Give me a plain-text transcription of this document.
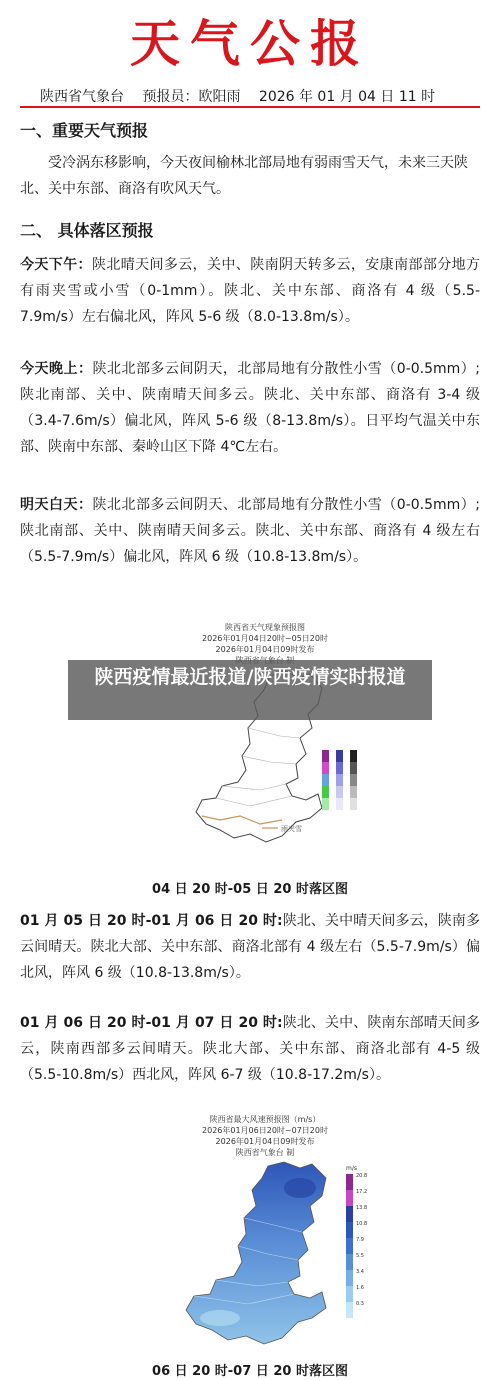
天气公报
陕西省气象台 预报员：欧阳雨 2026 年 01 月 04 日 11 时
一、重要天气预报
受冷涡东移影响，今天夜间榆林北部局地有弱雨雪天气，未来三天陕北、关中东部、商洛有吹风天气。
二、 具体落区预报
今天下午：陕北晴天间多云，关中、陕南阴天转多云，安康南部部分地方有雨夹雪或小雪（0-1mm）。陕北、关中东部、商洛有 4 级（5.5-7.9m/s）左右偏北风，阵风 5-6 级（8.0-13.8m/s）。
今天晚上：陕北北部多云间阴天，北部局地有分散性小雪（0-0.5mm）;陕北南部、关中、陕南晴天间多云。陕北、关中东部、商洛有 3-4 级（3.4-7.6m/s）偏北风，阵风 5-6 级（8-13.8m/s）。日平均气温关中东部、陕南中东部、秦岭山区下降 4℃左右。
明天白天：陕北北部多云间阴天、北部局地有分散性小雪（0-0.5mm）;陕北南部、关中、陕南晴天间多云。陕北、关中东部、商洛有 4 级左右（5.5-7.9m/s）偏北风，阵风 6 级（10.8-13.8m/s）。
陕西省天气现象预报图
2026年01月04日20时~05日20时
2026年01月04日09时发布
雨夹雪
04 日 20 时-05 日 20 时落区图
陕西疫情最近报道/陕西疫情实时报道
01 月 05 日 20 时-01 月 06 日 20 时:陕北、关中晴天间多云，陕南多云间晴天。陕北大部、关中东部、商洛北部有 4 级左右（5.5-7.9m/s）偏北风，阵风 6 级（10.8-13.8m/s）。
01 月 06 日 20 时-01 月 07 日 20 时:陕北、关中、陕南东部晴天间多云，陕南西部多云间晴天。陕北大部、关中东部、商洛北部有 4-5 级（5.5-10.8m/s）西北风，阵风 6-7 级（10.8-17.2m/s）。
陕西省最大风速预报图（m/s）
2026年01月06日20时~07日20时
2026年01月04日09时发布
陕西省气象台 制
m/s
20.8
17.2
13.8
10.8
7.9
5.5
3.4
1.6
0.3
06 日 20 时-07 日 20 时落区图
